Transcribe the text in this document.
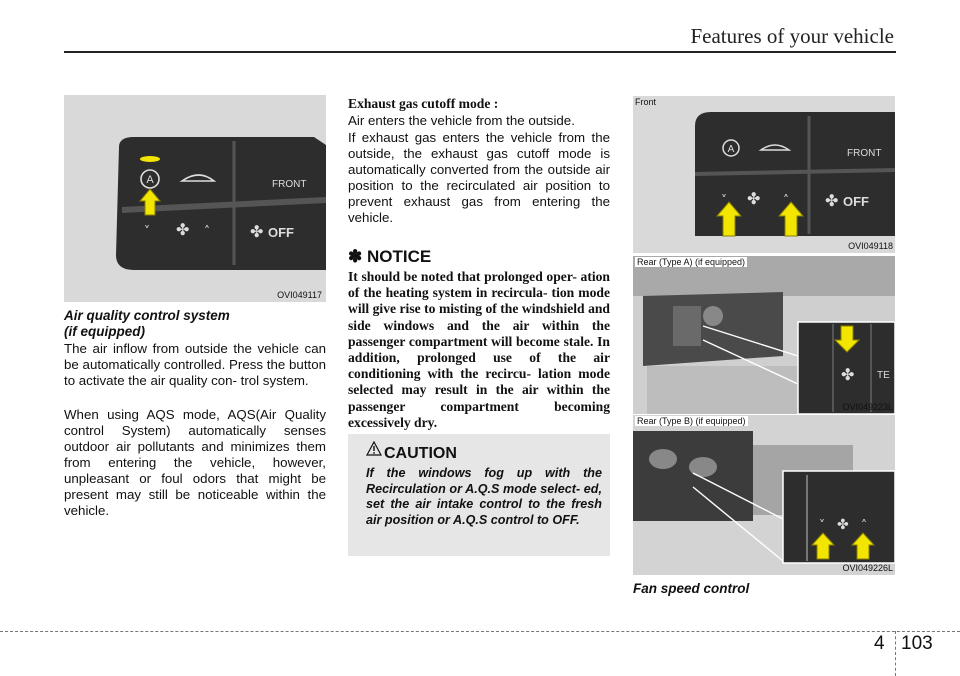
Features of your vehicle
A	FRONT
✤
˅	˄	✤ OFF
OVI049117
Air quality control system
(if equipped)
The air inflow from outside the vehicle can be automatically controlled. Press the button to activate the air quality con- trol system.
When using AQS mode, AQS(Air Quality control System) automatically senses outdoor air pollutants and minimizes them from entering the vehicle, however, unpleasant or foul odors that might be present may still be noticeable within the vehicle.
Exhaust gas cutoff mode :
Air enters the vehicle from the outside.
If exhaust gas enters the vehicle from the outside, the exhaust gas cutoff mode is automatically converted from the outside air position to the recirculated air position to prevent exhaust gas from entering the vehicle.
✽ NOTICE
It should be noted that prolonged oper- ation of the heating system in recircula- tion mode will give rise to misting of the windshield and side windows and the air within the passenger compartment will become stale. In addition, prolonged use of the air conditioning with the recircu- lation mode selected may result in the air within the passenger compartment becoming excessively dry.
CAUTION
If the windows fog up with the Recirculation or A.Q.S mode select- ed, set the air intake control to the fresh air position or A.Q.S control to OFF.
A	FRONT
˅ ✤ ˄ ✤ OFF
Front
OVI049118
✤ TE
Rear (Type A) (if equipped)
OVI049223L
˅ ✤ ˄
Rear (Type B) (if equipped)
OVI049226L
Fan speed control
4 103
